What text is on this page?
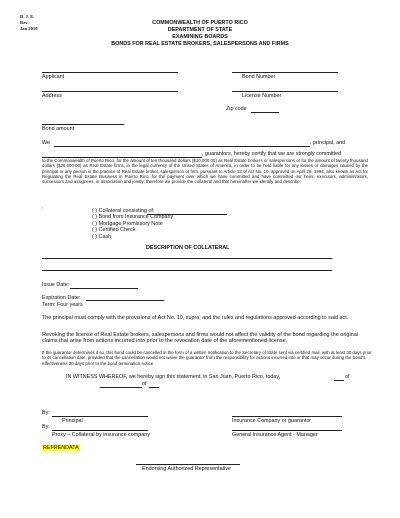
D. J. E.
Rev.
Jan 2010
COMMONWEALTH OF PUERTO RICO
DEPARTMENT OF STATE
EXAMINING BOARDS
BONDS FOR REAL ESTATE BROKERS, SALESPERSONS AND FIRMS
Applicant	Bond Number
Address	License Number
Zip code
Bond amount
We	, principal, and
, guarantors, hereby certify that we are strongly committed
to the Commonwealth of Puerto Rico, for the amount of ten thousand dollars ($10,000.00) as Real Estate brokers or salespersons or for the amount of twenty thousand dollars ($20,000.00) as Real Estate firms, in the legal currency of the United States of America, in order to be held liable for any losses or damages caused by the principal or any person in the practice of Real Estate broker, salesperson or firm, pursuant to Article 13 of Act No. 10, approved on April 26, 1994, also known as Act for Regulating the Real Estate Business in Puerto Rico; for the payment over which we have committed and have committed our heirs, executors, administrators, successors and assignees, in association and jointly; therefore we provide the collateral and that hereinafter we identify and describe:
:	( ) Collateral consisting of:
( ) Bond from Insurance Company
( ) Mortgage Promissory Note
( ) Certified Check
( ) Cash
DESCRIPTION OF COLLATERAL
Issue Date:
Expiration Date:
Term: Four years
The principal must comply with the provisions of Act No. 10, supra; and the rules and regulations approved according to said act.
Revoking the license of Real Estate brokers, salespersons and firms would not affect the validity of the bond regarding the original claims that arise from actions incurred into prior to the revocation date of the aforementioned license.
If the guarantor determines it so, this bond could be cancelled in the form of a written notification to the Secretary of State sent via certified mail, with at least 30 days prior to its cancellation date, provided that the cancellation would not waive the guarantor from the responsibility for actions incurred into or that may occur during the bond's effectiveness 30 days prior to the bond termination notice.
IN WITNESS WHEREOF, we hereby sign this statement, in San Juan, Puerto Rico, today,	of
of
By:
Principal	Insurance Company or guarantor
By:
Proxy – Collateral by insurance company	General Insurance Agent - Manager
REFRENDATA
Endorsing Authorized Representative
